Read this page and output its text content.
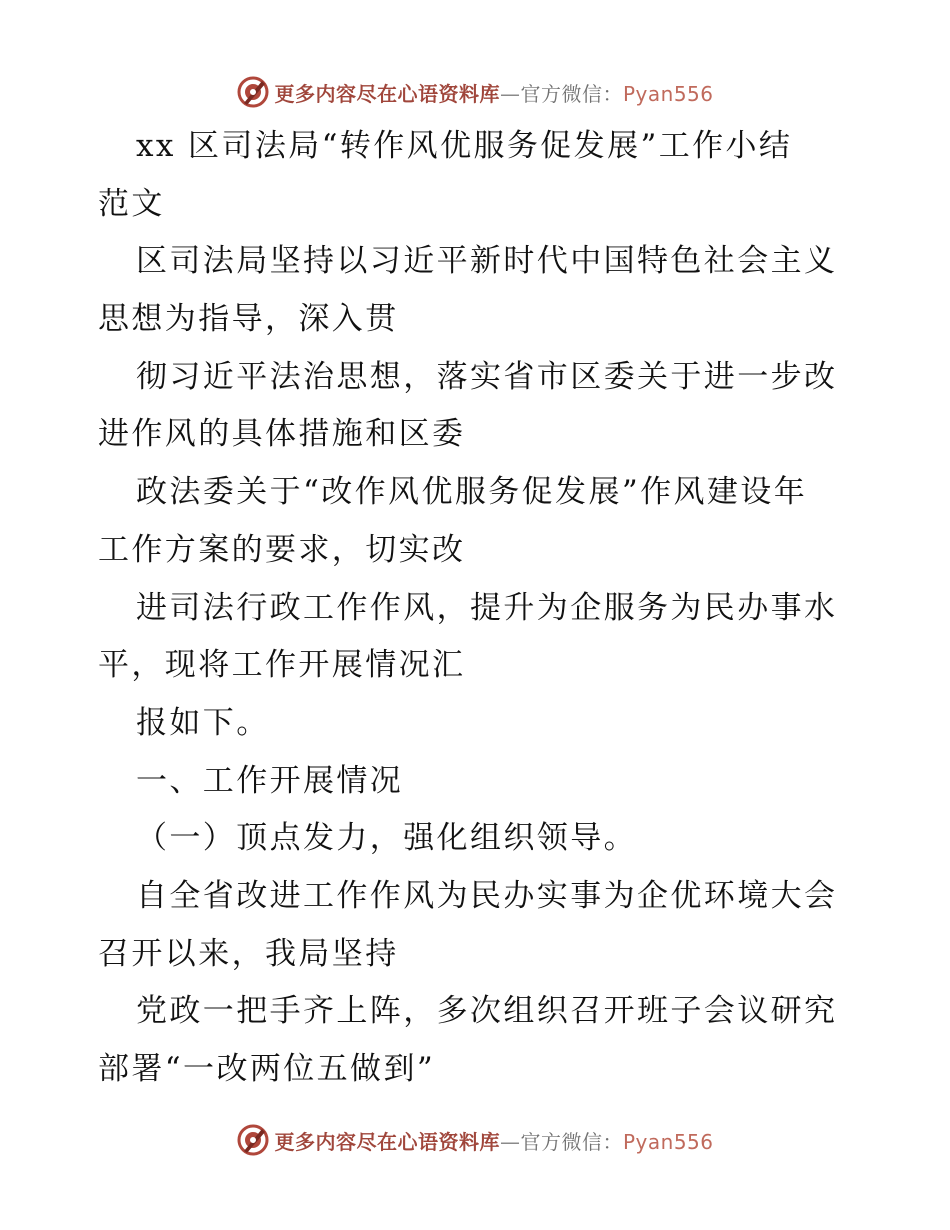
更多内容尽在心语资料库—官方微信：Pyan556
xx 区司法局“转作风优服务促发展”工作小结
范文
区司法局坚持以习近平新时代中国特色社会主义
思想为指导，深入贯
彻习近平法治思想，落实省市区委关于进一步改
进作风的具体措施和区委
政法委关于“改作风优服务促发展”作风建设年
工作方案的要求，切实改
进司法行政工作作风，提升为企服务为民办事水
平，现将工作开展情况汇
报如下。
一、工作开展情况
（一）顶点发力，强化组织领导。
自全省改进工作作风为民办实事为企优环境大会
召开以来，我局坚持
党政一把手齐上阵，多次组织召开班子会议研究
部署“一改两位五做到”
更多内容尽在心语资料库—官方微信：Pyan556
